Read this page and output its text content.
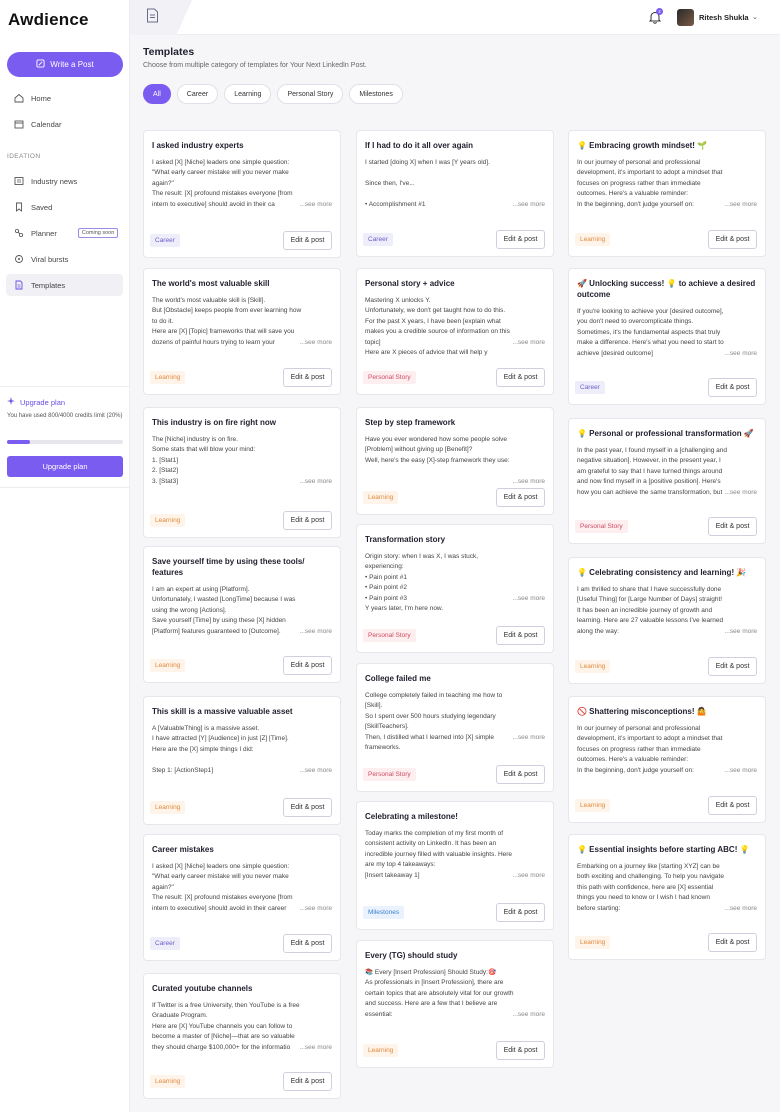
Awdience
Write a Post
Home
Calendar
IDEATION
Industry news
Saved
Planner	Coming soon
Viral bursts
Templates
Upgrade plan
You have used 800/4000 credits limit (20%)
Upgrade plan
2
Ritesh Shukla ⌄
Templates
Choose from multiple category of templates for Your Next LinkedIn Post.
All	Career	Learning	Personal Story	Milestones
I asked industry experts
I asked [X] [Niche] leaders one simple question:
"What early career mistake will you never make again?"
The result: [X] profound mistakes everyone [from intern to executive] should avoid in their ca	...see more
Career	Edit & post
The world's most valuable skill
The world's most valuable skill is [Skill].
But [Obstacle] keeps people from ever learning how to do it.
Here are [X] [Topic] frameworks that will save you dozens of painful hours trying to learn your	...see more
Learning	Edit & post
This industry is on fire right now
The [Niche] industry is on fire.
Some stats that will blow your mind:
1. [Stat1]
2. [Stat2]
3. [Stat3]	...see more
Learning	Edit & post
Save yourself time by using these tools/ features
I am an expert at using [Platform].
Unfortunately, I wasted [LongTime] because I was using the wrong [Actions].
Save yourself [Time] by using these [X] hidden [Platform] features guaranteed to [Outcome].	...see more
Learning	Edit & post
This skill is a massive valuable asset
A [ValuableThing] is a massive asset.
I have attracted [Y] [Audience] in just [Z] [Time].
Here are the [X] simple things I did:

Step 1: [ActionStep1]	...see more
Learning	Edit & post
Career mistakes
I asked [X] [Niche] leaders one simple question:
"What early career mistake will you never make again?"
The result: [X] profound mistakes everyone [from intern to executive] should avoid in their career	...see more
Career	Edit & post
Curated youtube channels
If Twitter is a free University, then YouTube is a free Graduate Program.
Here are [X] YouTube channels you can follow to become a master of [Niche]—that are so valuable they should charge $100,000+ for the informatio	...see more
Learning	Edit & post
If I had to do it all over again
I started [doing X] when I was [Y years old].

Since then, I've...

• Accomplishment #1	...see more
Career	Edit & post
Personal story + advice
Mastering X unlocks Y.
Unfortunately, we don't get taught how to do this.
For the past X years, I have been [explain what makes you a credible source of information on this topic]
Here are X pieces of advice that will help y
...see more
Personal Story	Edit & post
Step by step framework
Have you ever wondered how some people solve [Problem] without giving up [Benefit]?
Well, here's the easy [X]-step framework they use:
...see more
Learning	Edit & post
Transformation story
Origin story: when I was X, I was stuck, experiencing:
• Pain point #1
• Pain point #2
• Pain point #3
Y years later, I'm here now.
...see more
Personal Story	Edit & post
College failed me
College completely failed in teaching me how to [Skill].
So I spent over 500 hours studying legendary [SkillTeachers].
Then, I distilled what I learned into [X] simple frameworks.
...see more
Personal Story	Edit & post
Celebrating a milestone!
Today marks the completion of my first month of consistent activity on LinkedIn. It has been an incredible journey filled with valuable insights. Here are my top 4 takeaways:
[Insert takeaway 1]	...see more
Milestones	Edit & post
Every (TG) should study
📚 Every [Insert Profession] Should Study:🎯
As professionals in [Insert Profession], there are certain topics that are absolutely vital for our growth and success. Here are a few that I believe are essential:	...see more
Learning	Edit & post
💡 Embracing growth mindset! 🌱
In our journey of personal and professional development, it's important to adopt a mindset that focuses on progress rather than immediate outcomes. Here's a valuable reminder:
In the beginning, don't judge yourself on:	...see more
Learning	Edit & post
🚀 Unlocking success! 💡 to achieve a desired outcome
If you're looking to achieve your [desired outcome], you don't need to overcomplicate things. Sometimes, it's the fundamental aspects that truly make a difference. Here's what you need to start to achieve [desired outcome]	...see more
Career	Edit & post
💡 Personal or professional transformation 🚀
In the past year, I found myself in a [challenging and negative situation]. However, in the present year, I am grateful to say that I have turned things around and now find myself in a [positive position]. Here's how you can achieve the same transformation, but ...see more
Personal Story	Edit & post
💡 Celebrating consistency and learning! 🎉
I am thrilled to share that I have successfully done [Useful Thing] for [Large Number of Days] straight! It has been an incredible journey of growth and learning. Here are 27 valuable lessons I've learned along the way:	...see more
Learning	Edit & post
🚫 Shattering misconceptions! 🤷
In our journey of personal and professional development, it's important to adopt a mindset that focuses on progress rather than immediate outcomes. Here's a valuable reminder:
In the beginning, don't judge yourself on:	...see more
Learning	Edit & post
💡 Essential insights before starting ABC! 💡
Embarking on a journey like [starting XYZ] can be both exciting and challenging. To help you navigate this path with confidence, here are [X] essential things you need to know or I wish I had known before starting:	...see more
Learning	Edit & post
